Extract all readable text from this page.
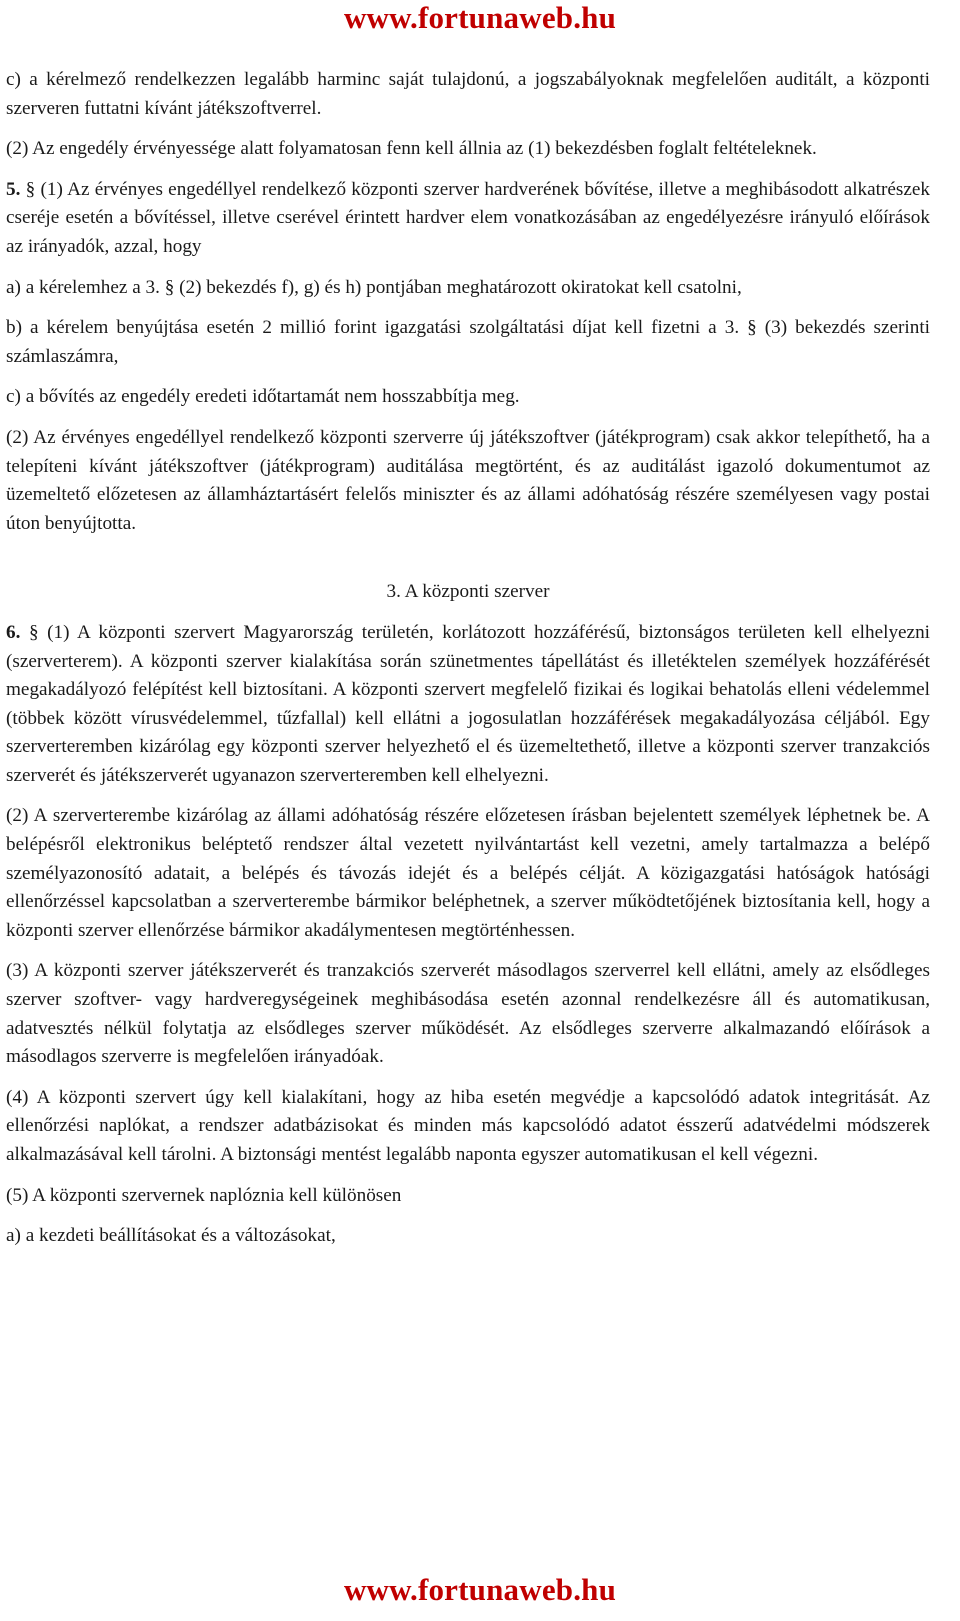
www.fortunaweb.hu

c) a kérelmező rendelkezzen legalább harminc saját tulajdonú, a jogszabályoknak megfelelően auditált, a központi szerveren futtatni kívánt játékszoftverrel.

(2) Az engedély érvényessége alatt folyamatosan fenn kell állnia az (1) bekezdésben foglalt feltételeknek.

5. § (1) Az érvényes engedéllyel rendelkező központi szerver hardverének bővítése, illetve a meghibásodott alkatrészek cseréje esetén a bővítéssel, illetve cserével érintett hardver elem vonatkozásában az engedélyezésre irányuló előírások az irányadók, azzal, hogy

a) a kérelemhez a 3. § (2) bekezdés f), g) és h) pontjában meghatározott okiratokat kell csatolni,

b) a kérelem benyújtása esetén 2 millió forint igazgatási szolgáltatási díjat kell fizetni a 3. § (3) bekezdés szerinti számlaszámra,

c) a bővítés az engedély eredeti időtartamát nem hosszabbítja meg.

(2) Az érvényes engedéllyel rendelkező központi szerverre új játékszoftver (játékprogram) csak akkor telepíthető, ha a telepíteni kívánt játékszoftver (játékprogram) auditálása megtörtént, és az auditálást igazoló dokumentumot az üzemeltető előzetesen az államháztartásért felelős miniszter és az állami adóhatóság részére személyesen vagy postai úton benyújtotta.

3. A központi szerver

6. § (1) A központi szervert Magyarország területén, korlátozott hozzáférésű, biztonságos területen kell elhelyezni (szerverterem). A központi szerver kialakítása során szünetmentes tápellátást és illetéktelen személyek hozzáférését megakadályozó felépítést kell biztosítani. A központi szervert megfelelő fizikai és logikai behatolás elleni védelemmel (többek között vírusvédelemmel, tűzfallal) kell ellátni a jogosulatlan hozzáférések megakadályozása céljából. Egy szerverteremben kizárólag egy központi szerver helyezhető el és üzemeltethető, illetve a központi szerver tranzakciós szerverét és játékszerverét ugyanazon szerverteremben kell elhelyezni.

(2) A szerverterembe kizárólag az állami adóhatóság részére előzetesen írásban bejelentett személyek léphetnek be. A belépésről elektronikus beléptető rendszer által vezetett nyilvántartást kell vezetni, amely tartalmazza a belépő személyazonosító adatait, a belépés és távozás idejét és a belépés célját. A közigazgatási hatóságok hatósági ellenőrzéssel kapcsolatban a szerverterembe bármikor beléphetnek, a szerver működtetőjének biztosítania kell, hogy a központi szerver ellenőrzése bármikor akadálymentesen megtörténhessen.

(3) A központi szerver játékszerverét és tranzakciós szerverét másodlagos szerverrel kell ellátni, amely az elsődleges szerver szoftver- vagy hardveregységeinek meghibásodása esetén azonnal rendelkezésre áll és automatikusan, adatvesztés nélkül folytatja az elsődleges szerver működését. Az elsődleges szerverre alkalmazandó előírások a másodlagos szerverre is megfelelően irányadóak.

(4) A központi szervert úgy kell kialakítani, hogy az hiba esetén megvédje a kapcsolódó adatok integritását. Az ellenőrzési naplókat, a rendszer adatbázisokat és minden más kapcsolódó adatot ésszerű adatvédelmi módszerek alkalmazásával kell tárolni. A biztonsági mentést legalább naponta egyszer automatikusan el kell végezni.

(5) A központi szervernek naplóznia kell különösen

a) a kezdeti beállításokat és a változásokat,

www.fortunaweb.hu
